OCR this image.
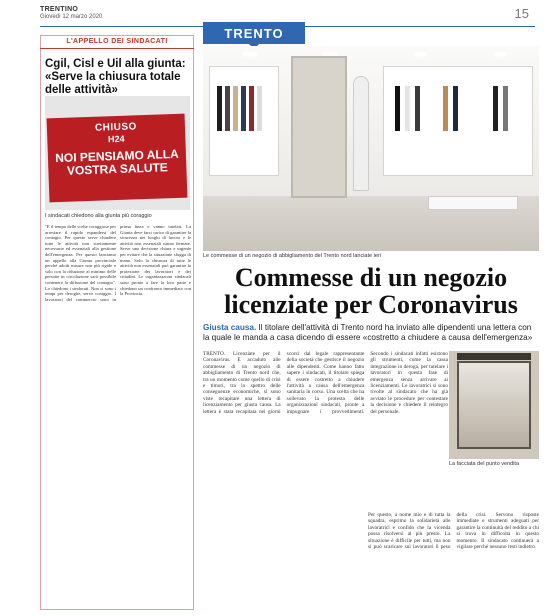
TRENTINO
Giovedì 12 marzo 2020	15
TRENTO
L'APPELLO DEI SINDACATI
Cgil, Cisl e Uil alla giunta: «Serve la chiusura totale delle attività»
CHIUSO
H24
NOI PENSIAMO ALLA VOSTRA SALUTE
I sindacati chiedono alla giunta più coraggio
"E il tempo delle scelte coraggiose per arrestare il rapido espandersi del contagio. Per questo serve chiudere tutte le attività non strettamente necessarie ed essenziali alla gestione dell'emergenza. Per questo lanciamo un appello alla Giunta provinciale perché adotti misure non più rigide e solo con la riduzione al minimo delle persone in circolazione sarà possibile contenere la diffusione del contagio". Lo chiedono i sindacati. Non ci sono i tempi per deroghe, serve coraggio. I lavoratori del commercio sono in prima linea e vanno tutelati. La Giunta deve farsi carico di garantire la sicurezza nei luoghi di lavoro e le attività non essenziali vanno fermate. Serve una decisione chiara e urgente per evitare che la situazione sfugga di mano. Solo la chiusura di tutte le attività non essenziali può garantire la protezione dei lavoratori e dei cittadini. Le organizzazioni sindacali sono pronte a fare la loro parte e chiedono un confronto immediato con la Provincia.
Le commesse di un negozio di abbigliamento del Trento nord lanciate ieri
Commesse di un negozio licenziate per Coronavirus
Giusta causa. Il titolare dell'attività di Trento nord ha inviato alle dipendenti una lettera con la quale le manda a casa dicendo di essere «costretto a chiudere a causa dell'emergenza»
TRENTO. Licenziate per il Coronavirus. E accaduto alle commesse di un negozio di abbigliamento di Trento nord che, tra un momento come quello di crisi e timori, tra lo spettro delle conseguenze economiche, si sono viste recapitare una lettera di licenziamento per giusta causa. La lettera è stata recapitata nei giorni scorsi dal legale rappresentante della società che gestisce il negozio alle dipendenti. Come hanno fatto sapere i sindacati, il titolare spiega di essere costretto a chiudere l'attività a causa dell'emergenza sanitaria in corso. Una scelta che ha sollevato la protesta delle organizzazioni sindacali, pronte a impugnare i provvedimenti. Secondo i sindacati infatti esistono gli strumenti, come la cassa integrazione in deroga, per tutelare i lavoratori in questa fase di emergenza senza arrivare ai licenziamenti. Le lavoratrici si sono rivolte al sindacato che ha già avviato le procedure per contestare la decisione e chiedere il reintegro del personale.
La facciata del punto vendita
Per questo, a nome mio e di tutta la squadra, esprimo la solidarietà alle lavoratrici e confido che la vicenda possa risolversi al più presto. La situazione è difficile per tutti, ma non si può scaricare sui lavoratori il peso della crisi. Servono risposte immediate e strumenti adeguati per garantire la continuità del reddito a chi si trova in difficoltà in questo momento. Il sindacato continuerà a vigilare perché nessuno resti indietro.
